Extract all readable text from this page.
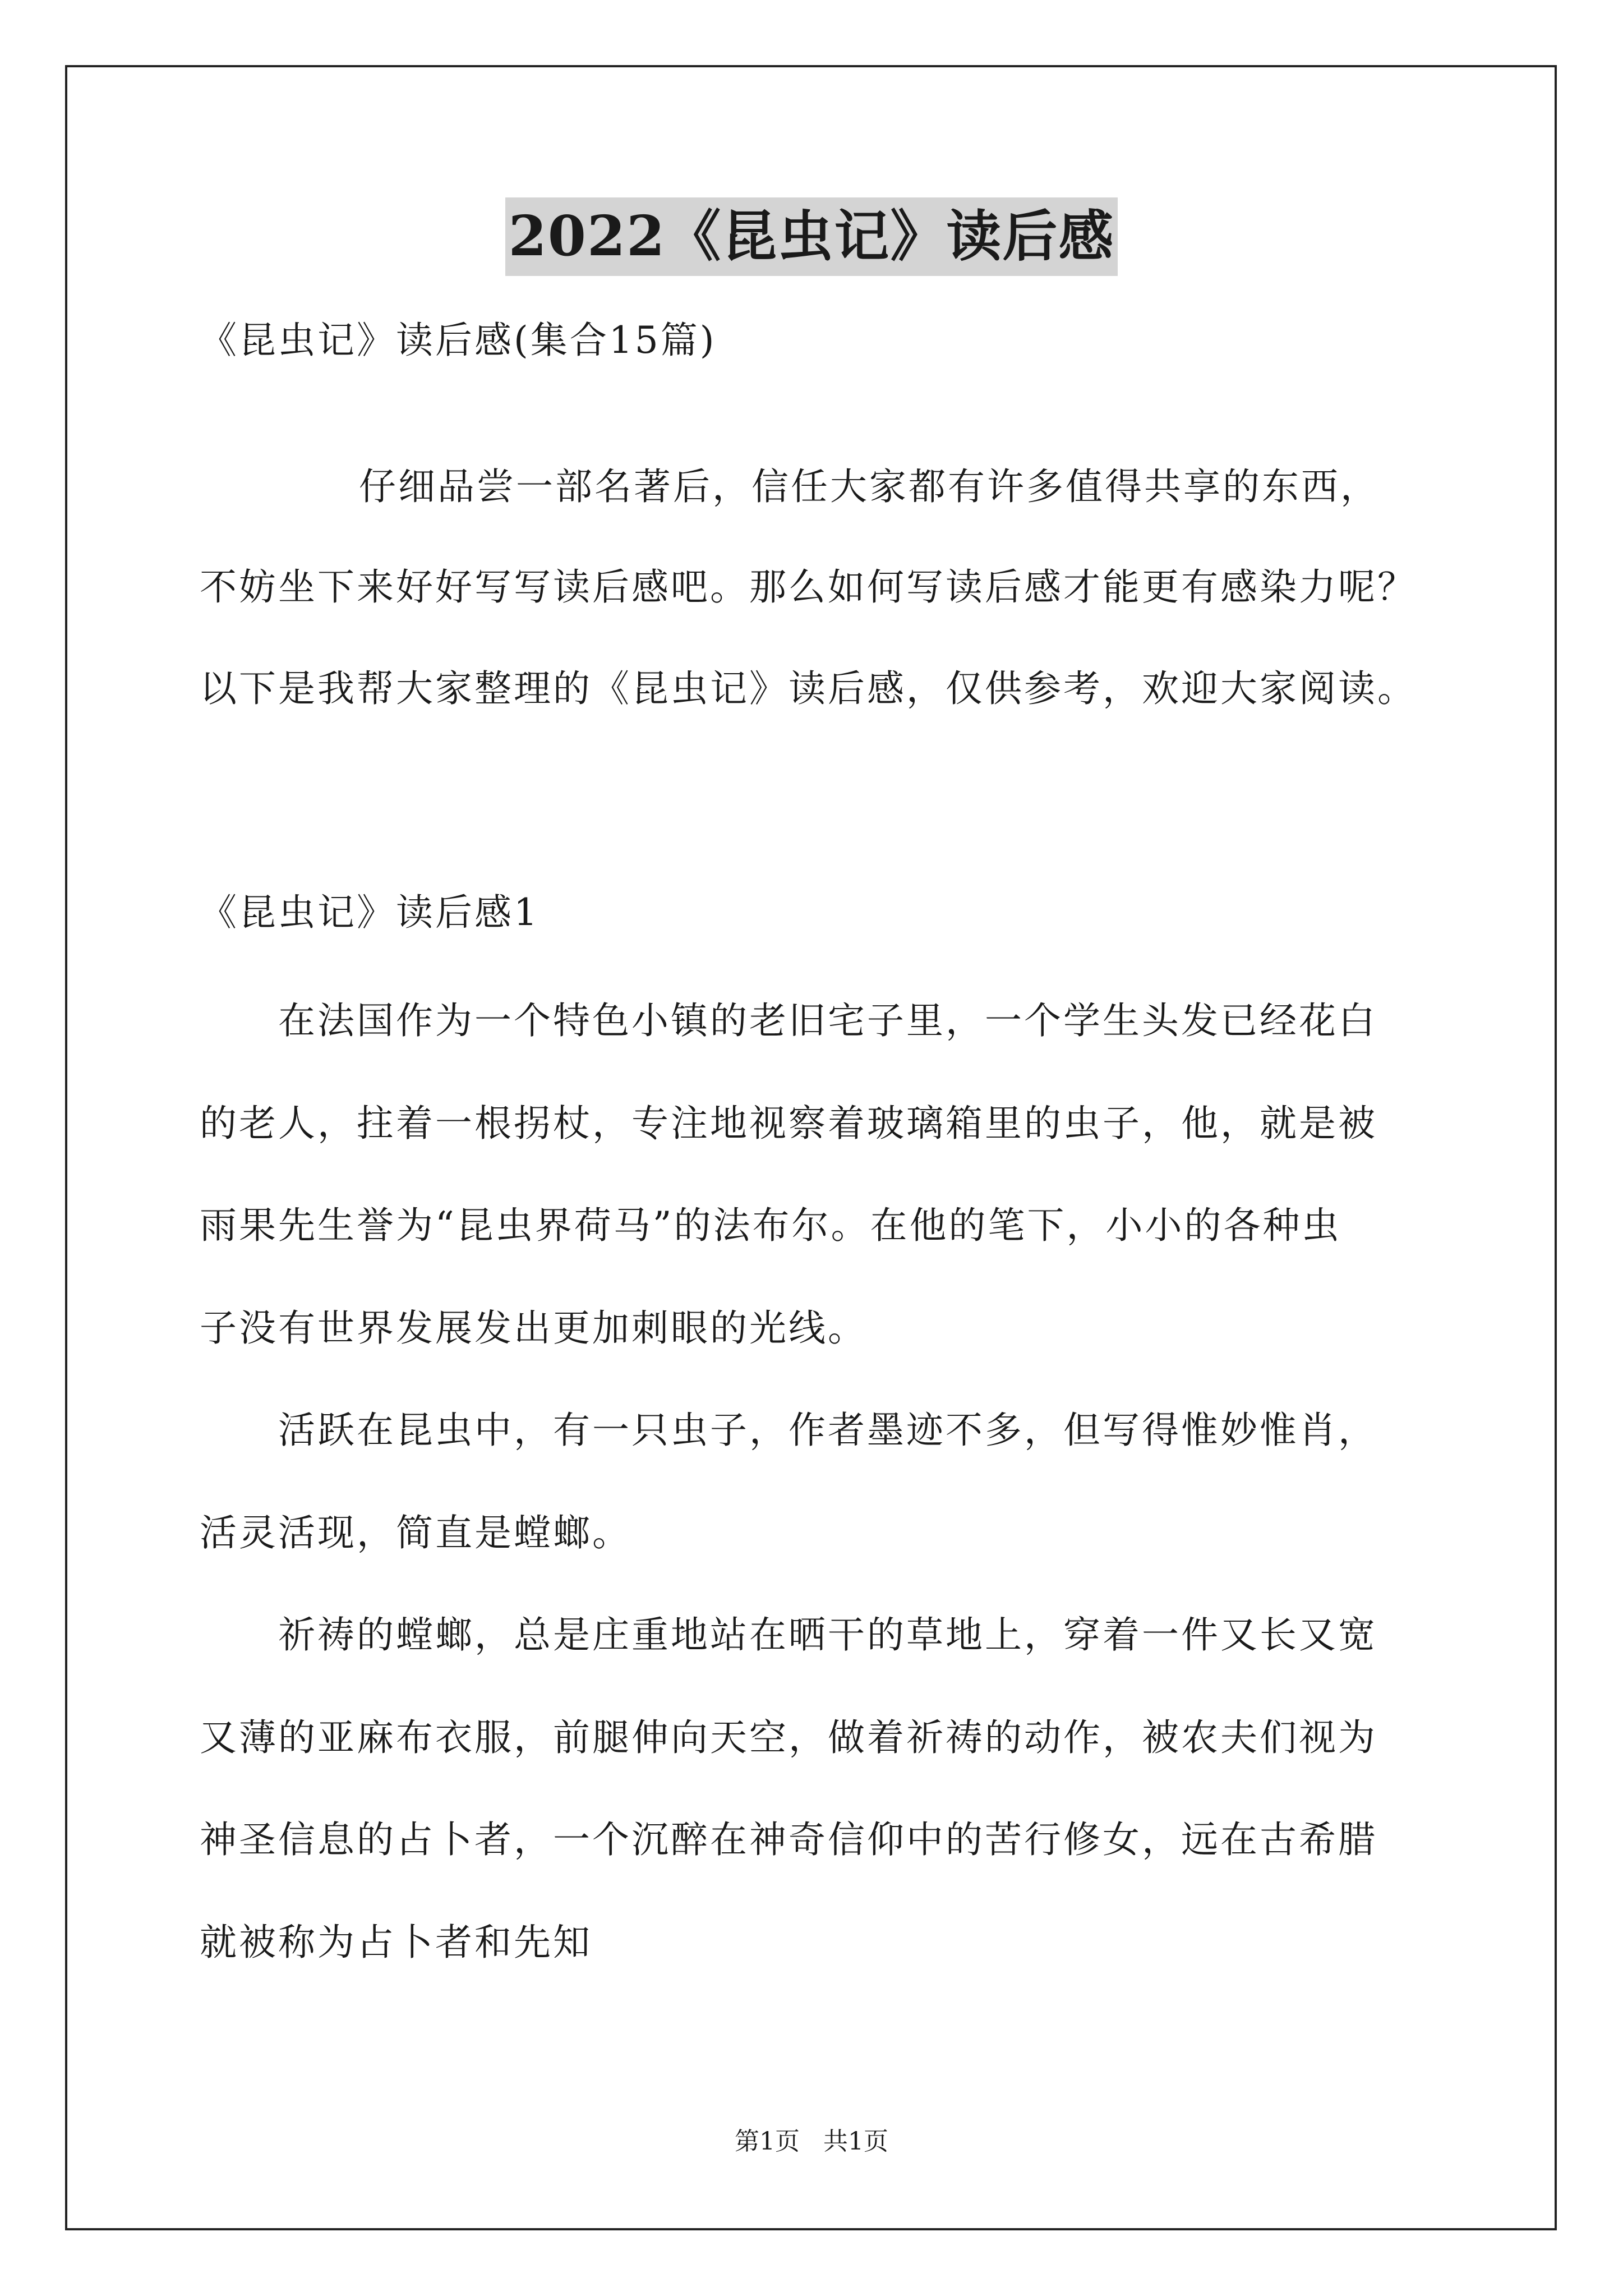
2022《昆虫记》读后感
《昆虫记》读后感(集合15篇)
仔细品尝一部名著后，信任大家都有许多值得共享的东西，
不妨坐下来好好写写读后感吧。那么如何写读后感才能更有感染力呢？
以下是我帮大家整理的《昆虫记》读后感，仅供参考，欢迎大家阅读。
《昆虫记》读后感1
在法国作为一个特色小镇的老旧宅子里，一个学生头发已经花白
的老人，拄着一根拐杖，专注地视察着玻璃箱里的虫子，他，就是被
雨果先生誉为“昆虫界荷马”的法布尔。在他的笔下，小小的各种虫
子没有世界发展发出更加刺眼的光线。
活跃在昆虫中，有一只虫子，作者墨迹不多，但写得惟妙惟肖，
活灵活现，简直是螳螂。
祈祷的螳螂，总是庄重地站在晒干的草地上，穿着一件又长又宽
又薄的亚麻布衣服，前腿伸向天空，做着祈祷的动作，被农夫们视为
神圣信息的占卜者，一个沉醉在神奇信仰中的苦行修女，远在古希腊
就被称为占卜者和先知
第1页   共1页
